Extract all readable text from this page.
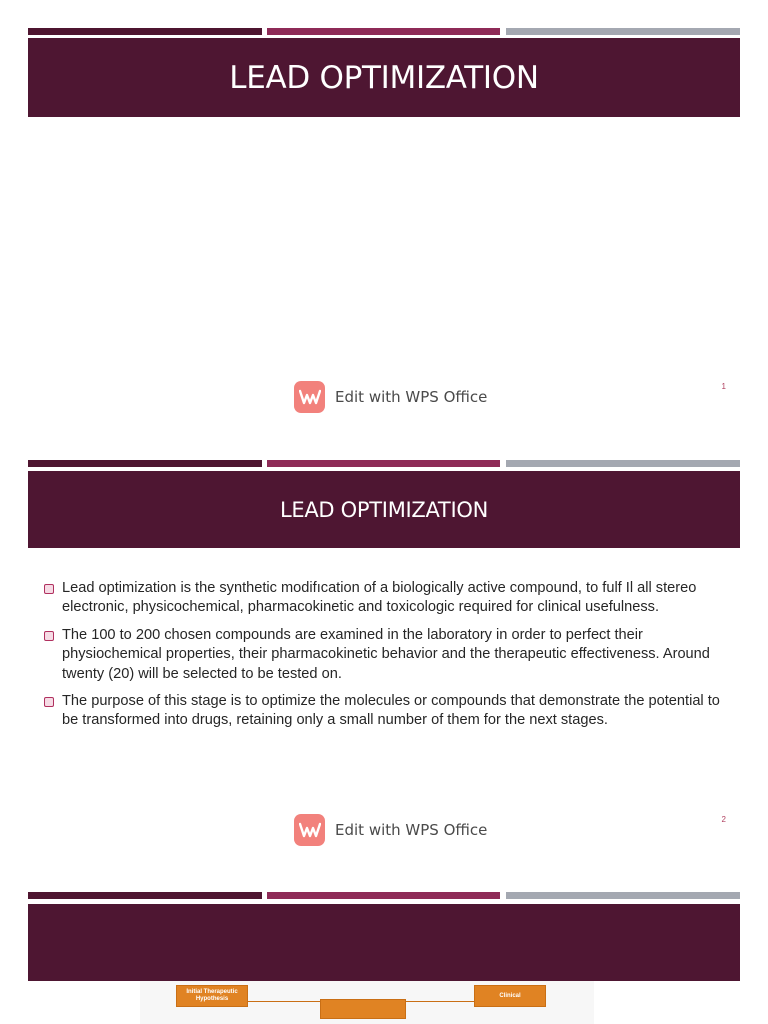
LEAD OPTIMIZATION
Edit with WPS Office
1
LEAD OPTIMIZATION
Lead optimization is the synthetic modifıcation of a biologically active compound, to fulf Il all stereo electronic, physicochemical, pharmacokinetic and toxicologic required for clinical usefulness.
The 100 to 200 chosen compounds are examined in the laboratory in order to perfect their physiochemical properties, their pharmacokinetic behavior and the therapeutic effectiveness. Around twenty (20) will be selected to be tested on.
The purpose of this stage is to optimize the molecules or compounds that demonstrate the potential to be transformed into drugs, retaining only a small number of them for the next stages.
Edit with WPS Office
2
Initial Therapeutic Hypothesis
Clinical
